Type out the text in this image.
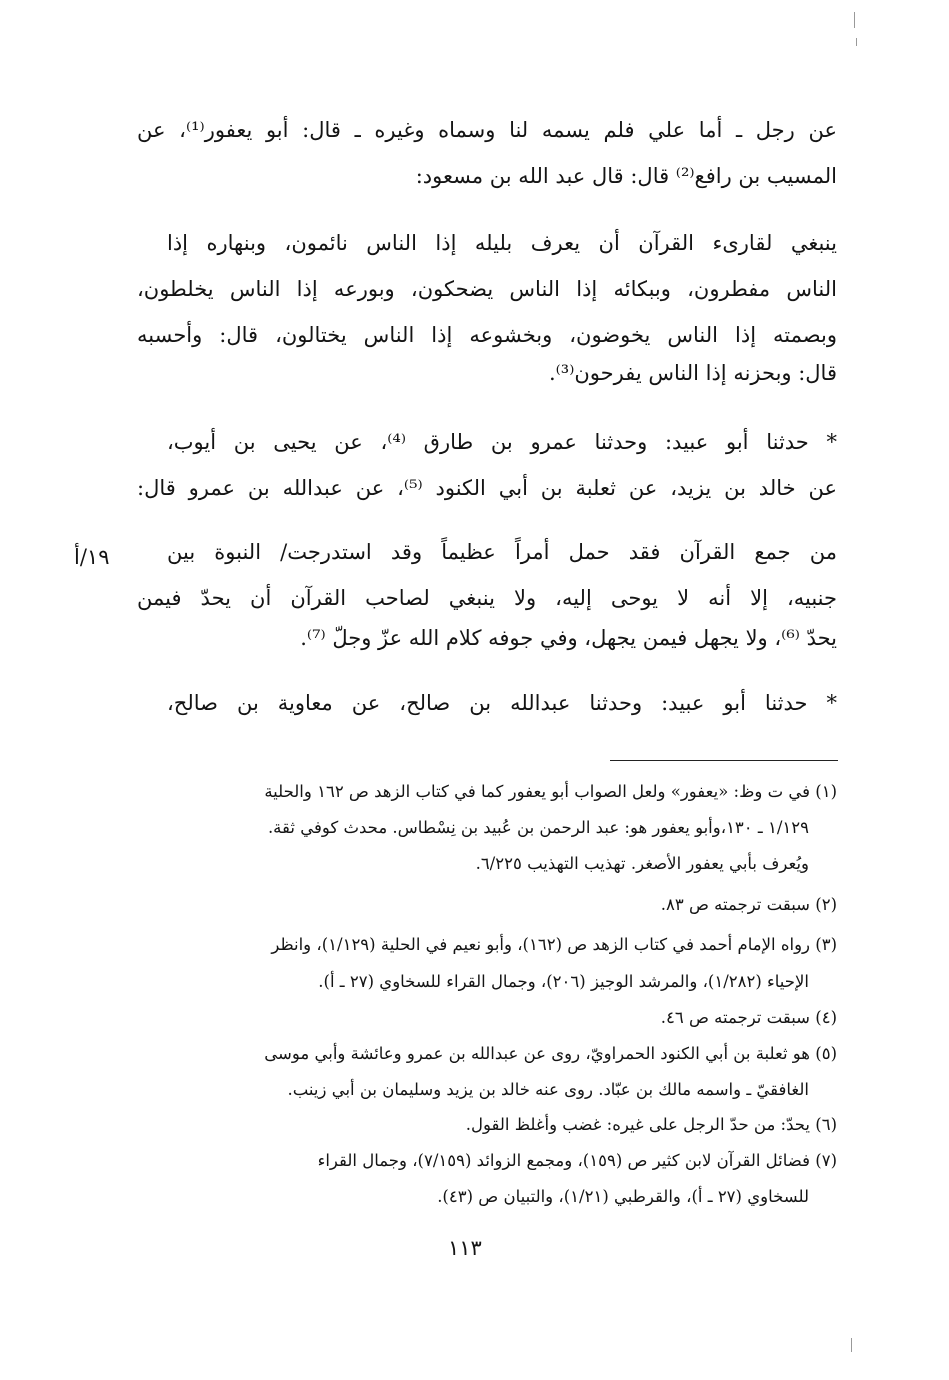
عن رجل ـ أما علي فلم يسمه لنا وسماه وغيره ـ قال: أبو يعفور⁽¹⁾، عن
المسيب بن رافع⁽²⁾ قال: قال عبد الله بن مسعود:
ينبغي لقارىء القرآن أن يعرف بليله إذا الناس نائمون، وبنهاره إذا
الناس مفطرون، وببكائه إذا الناس يضحكون، وبورعه إذا الناس يخلطون،
وبصمته إذا الناس يخوضون، وبخشوعه إذا الناس يختالون، قال: وأحسبه
قال: وبحزنه إذا الناس يفرحون⁽³⁾.
* حدثنا أبو عبيد: وحدثنا عمرو بن طارق ⁽⁴⁾، عن يحيى بن أيوب،
عن خالد بن يزيد، عن ثعلبة بن أبي الكنود ⁽⁵⁾، عن عبدالله بن عمرو قال:
من جمع القرآن فقد حمل أمراً عظيماً وقد استدرجت/ النبوة بين
١٩/أ
جنبيه، إلا أنه لا يوحى إليه، ولا ينبغي لصاحب القرآن أن يحدّ فيمن
يحدّ ⁽⁶⁾، ولا يجهل فيمن يجهل، وفي جوفه كلام الله عزّ وجلّ ⁽⁷⁾.
* حدثنا أبو عبيد: وحدثنا عبدالله بن صالح، عن معاوية بن صالح،
(١) في ت وظ: «يعفور» ولعل الصواب أبو يعفور كما في كتاب الزهد ص ١٦٢ والحلية
١/١٢٩ ـ ١٣٠،وأبو يعفور هو: عبد الرحمن بن عُبيد بن نِسْطاس. محدث كوفي ثقة.
ويُعرف بأبي يعفور الأصغر. تهذيب التهذيب ٦/٢٢٥.
(٢) سبقت ترجمته ص ٨٣.
(٣) رواه الإمام أحمد في كتاب الزهد ص (١٦٢)، وأبو نعيم في الحلية (١/١٢٩)، وانظر
الإحياء (١/٢٨٢)، والمرشد الوجيز (٢٠٦)، وجمال القراء للسخاوي (٢٧ ـ أ).
(٤) سبقت ترجمته ص ٤٦.
(٥) هو ثعلبة بن أبي الكنود الحمراويّ، روى عن عبدالله بن عمرو وعائشة وأبي موسى
الغافقيّ ـ واسمه مالك بن عبّاد. روى عنه خالد بن يزيد وسليمان بن أبي زينب.
(٦) يحدّ: من حدّ الرجل على غيره: غضب وأغلظ القول.
(٧) فضائل القرآن لابن كثير ص (١٥٩)، ومجمع الزوائد (٧/١٥٩)، وجمال القراء
للسخاوي (٢٧ ـ أ)، والقرطبي (١/٢١)، والتبيان ص (٤٣).
١١٣
